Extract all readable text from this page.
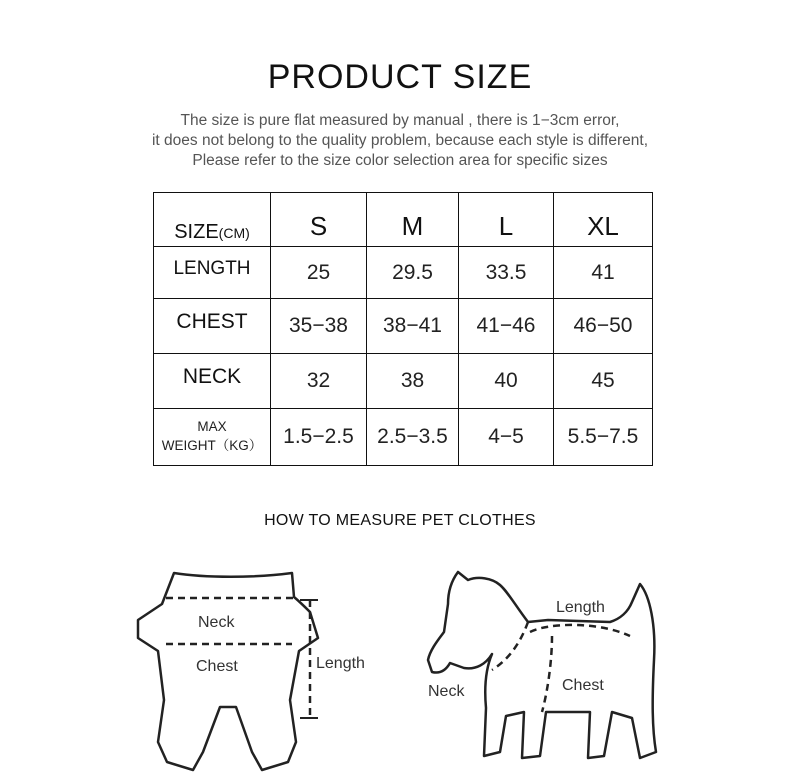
PRODUCT SIZE
The size is pure flat measured by manual , there is 1−3cm error,
it does not belong to the quality problem, because each style is different,
Please refer to the size color selection area for specific sizes
SIZE(CM)	S	M	L	XL
LENGTH	25	29.5	33.5	41
CHEST	35−38	38−41	41−46	46−50
NECK	32	38	40	45

MAX
WEIGHT（KG）	1.5−2.5	2.5−3.5	4−5	5.5−7.5
HOW TO MEASURE PET CLOTHES
Neck
Chest	Length
Length
Neck	Chest
